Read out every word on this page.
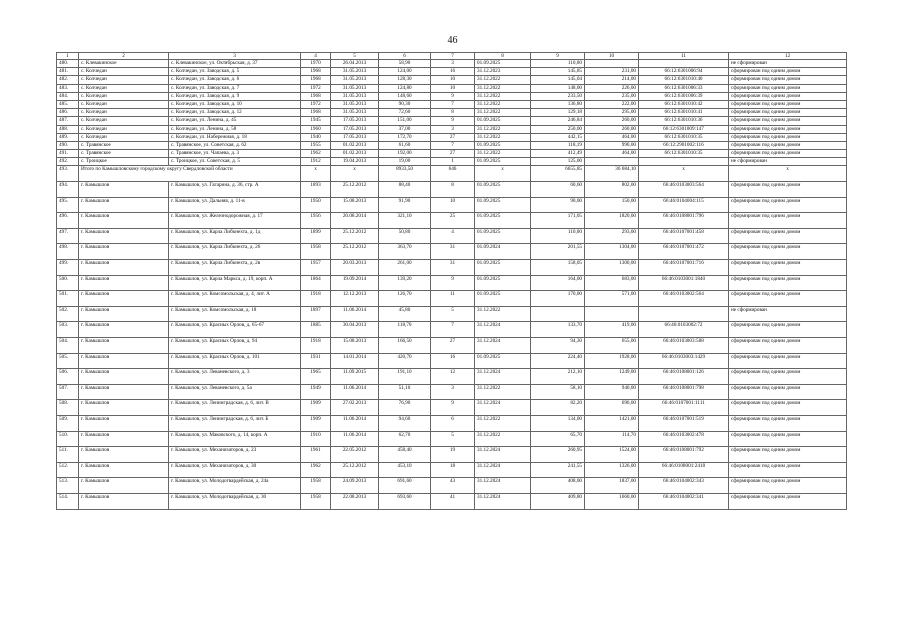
46
1	2	3	4	5	6	7	8	9	10	11	12
480.	с. Клевакинское	с. Клевакинское, ул. Октябрьская, д. 37	1970	26.04.2013	58,90	3	01.09.2025	110,00			не сформирован
481.	с. Колчедан	с. Колчедан, ул. Заводская, д. 5	1968	31.05.2013	124,00	16	31.12.2023	145,85	231,00	66:12:6301006:94	сформирован под одним домом
482.	с. Колчедан	с. Колчедан, ул. Заводская, д. 6	1968	31.05.2013	128,30	10	31.12.2022	145,04	214,00	66:12:6301010:40	сформирован под одним домом
483.	с. Колчедан	с. Колчедан, ул. Заводская, д. 7	1972	31.05.2013	124,80	10	31.12.2022	148,00	226,00	66:12:6301006:33	сформирован под одним домом
484.	с. Колчедан	с. Колчедан, ул. Заводская, д. 9	1968	31.05.2013	148,60	9	31.12.2022	233,50	235,00	66:12:6301006:39	сформирован под одним домом
485.	с. Колчедан	с. Колчедан, ул. Заводская, д. 10	1972	31.05.2013	90,30	7	31.12.2022	136,80	222,00	66:12:6301010:42	сформирован под одним домом
486.	с. Колчедан	с. Колчедан, ул. Заводская, д. 12	1968	31.05.2013	72,60	8	31.12.2022	129,18	295,00	66:12:6301010:41	сформирован под одним домом
487.	с. Колчедан	с. Колчедан, ул. Ленина, д. 45	1945	17.05.2013	151,00	9	01.09.2025	246,84	260,00	66:12:6301010:36	сформирован под одним домом
488.	с. Колчедан	с. Колчедан, ул. Ленина, д. 58	1960	17.05.2013	37,00	3	31.12.2022	250,00	260,00	66:12:6301009:147	сформирован под одним домом
489.	с. Колчедан	с. Колчедан, ул. Набережная, д. 18	1940	17.05.2013	172,70	27	31.12.2022	442,15	464,00	66:12:6301010:35	сформирован под одним домом
490.	с. Травянское	с. Травянское, ул. Советская, д. 62	1955	01.02.2013	61,60	7	01.09.2025	118,19	990,00	66:12:2901002:116	сформирован под одним домом
491.	с. Травянское	с. Травянское, ул. Чапаева, д. 3	1962	01.02.2013	192,00	27	31.12.2022	412,49	464,00	66:12:6301010:35	сформирован под одним домом
492.	с. Троицкое	с. Троицкое, ул. Советская, д. 5	1912	19.04.2013	19,00	1	01.09.2025	125,00			не сформирован
493.	Итого по Камышловскому городскому округу Свердловской области		х	х	8933,50	646	х	6655,85	36 684,10	х	х
494.	г. Камышлов	г. Камышлов, ул. Гагарина, д. 36, стр. А	1893	25.12.2012	88,40	8	01.09.2025	60,60	802,00	66:46:0103003:564	сформирован под одним домом
495.	г. Камышлов	г. Камышлов, ул. Дальняя, д. 11-в	1950	15.08.2013	91,90	10	01.09.2025	90,00	150,00	66:46:0104004:115	сформирован под одним домом
496.	г. Камышлов	г. Камышлов, ул. Железнодорожная, д. 17	1956	20.08.2014	321,10	25	01.09.2025	171,05	1820,00	66:46:0108001:796	сформирован под одним домом
497.	г. Камышлов	г. Камышлов, ул. Карла Либкнехта, д. 1д	1899	25.12.2012	50,80	4	01.09.2025	110,00	293,00	66:46:0107001:458	сформирован под одним домом
498.	г. Камышлов	г. Камышлов, ул. Карла Либкнехта, д. 26	1958	25.12.2012	363,70	31	01.09.2024	201,55	1304,00	66:46:0107001:472	сформирован под одним домом
499.	г. Камышлов	г. Камышлов, ул. Карла Либкнехта, д. 2в	1957	20.03.2013	261,00	31	01.09.2025	158,05	1300,00	66:46:0107001:716	сформирован под одним домом
500.	г. Камышлов	г. Камышлов, ул. Карла Маркса, д. 19, корп. А	1864	19.09.2014	139,20	9	01.09.2025	164,00	683,00	66:46:0103001:1840	сформирован под одним домом
501.	г. Камышлов	г. Камышлов, ул. Комсомольская, д. 4, лит. А	1918	12.12.2013	126,70	11	01.09.2025	170,00	571,00	66:46:0103002:564	сформирован под одним домом
502.	г. Камышлов	г. Камышлов, ул. Комсомольская, д. 18	1897	11.06.2014	45,80	5	31.12.2022				не сформирован
503.	г. Камышлов	г. Камышлов, ул. Красных Орлов, д. 65-67	1885	30.04.2013	118,70	7	31.12.2024	133,70	419,00	66:46:0103002:72	сформирован под одним домом
504.	г. Камышлов	г. Камышлов, ул. Красных Орлов, д. 94	1918	15.08.2013	166,50	27	31.12.2024	94,30	655,00	66:46:0103003:588	сформирован под одним домом
505.	г. Камышлов	г. Камышлов, ул. Красных Орлов, д. 101	1931	14.01.2014	420,70	16	01.09.2025	224,40	1928,00	66:46:0103003:1429	сформирован под одним домом
506.	г. Камышлов	г. Камышлов, ул. Леваневского, д. 3	1965	11.09.2015	191,10	12	31.12.2024	212,10	1249,00	66:46:0108001:126	сформирован под одним домом
507.	г. Камышлов	г. Камышлов, ул. Леваневского, д. 5а	1949	11.06.2014	51,10	3	31.12.2022	58,10	940,00	66:46:0108001:798	сформирован под одним домом
508.	г. Камышлов	г. Камышлов, ул. Ленинградская, д. 6, лит. В	1909	27.02.2013	76,90	9	31.12.2024	82,20	696,00	66:46:0107001:1111	сформирован под одним домом
509.	г. Камышлов	г. Камышлов, ул. Ленинградская, д. 6, лит. Б	1909	11.06.2014	94,60	6	31.12.2022	134,00	1421,00	66:46:0107001:519	сформирован под одним домом
510.	г. Камышлов	г. Камышлов, ул. Маковского, д. 14, корп. А	1910	11.06.2014	62,70	5	31.12.2022	65,70	114,70	66:46:0103002:478	сформирован под одним домом
511.	г. Камышлов	г. Камышлов, ул. Механизаторов, д. 23	1961	22.05.2012	458,40	19	31.12.2024	260,95	1524,00	66:46:0108001:792	сформирован под одним домом
512.	г. Камышлов	г. Камышлов, ул. Механизаторов, д. 30	1962	25.12.2012	453,10	18	31.12.2024	241,55	1326,00	66:46:0108001:2418	сформирован под одним домом
513.	г. Камышлов	г. Камышлов, ул. Молодогвардейская, д. 24а	1958	24.09.2013	691,60	43	31.12.2024	408,00	1837,00	66:46:0104002:343	сформирован под одним домом
514.	г. Камышлов	г. Камышлов, ул. Молодогвардейская, д. 30	1958	22.08.2013	693,60	41	31.12.2024	409,80	1660,00	66:46:0104002:341	сформирован под одним домом
